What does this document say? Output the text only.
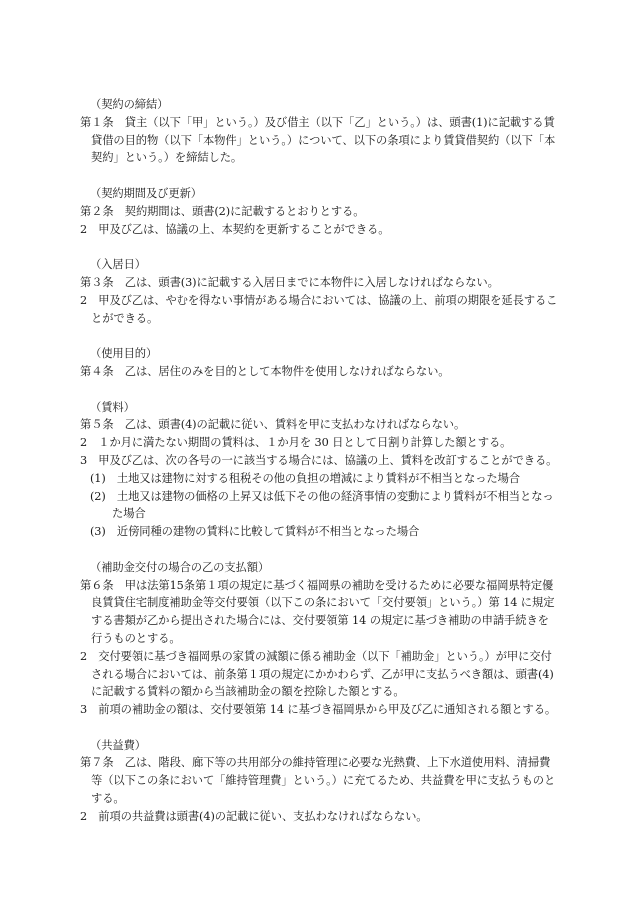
（契約の締結）

第１条　貸主（以下「甲」という。）及び借主（以下「乙」という。）は、頭書(1)に記載する賃貸借の目的物（以下「本物件」という。）について、以下の条項により賃貸借契約（以下「本契約」という。）を締結した。

（契約期間及び更新）

第２条　契約期間は、頭書(2)に記載するとおりとする。

2　甲及び乙は、協議の上、本契約を更新することができる。

（入居日）

第３条　乙は、頭書(3)に記載する入居日までに本物件に入居しなければならない。

2　甲及び乙は、やむを得ない事情がある場合においては、協議の上、前項の期限を延長することができる。

（使用目的）

第４条　乙は、居住のみを目的として本物件を使用しなければならない。

（賃料）

第５条　乙は、頭書(4)の記載に従い、賃料を甲に支払わなければならない。

2　１か月に満たない期間の賃料は、１か月を 30 日として日割り計算した額とする。

3　甲及び乙は、次の各号の一に該当する場合には、協議の上、賃料を改訂することができる。

(1)　土地又は建物に対する租税その他の負担の増減により賃料が不相当となった場合

(2)　土地又は建物の価格の上昇又は低下その他の経済事情の変動により賃料が不相当となった場合

(3)　近傍同種の建物の賃料に比較して賃料が不相当となった場合

（補助金交付の場合の乙の支払額）

第６条　甲は法第15条第１項の規定に基づく福岡県の補助を受けるために必要な福岡県特定優良賃貸住宅制度補助金等交付要領（以下この条において「交付要領」という。）第 14 に規定する書類が乙から提出された場合には、交付要領第 14 の規定に基づき補助の申請手続きを行うものとする。

2　交付要領に基づき福岡県の家賃の減額に係る補助金（以下「補助金」という。）が甲に交付される場合においては、前条第１項の規定にかかわらず、乙が甲に支払うべき額は、頭書(4)に記載する賃料の額から当該補助金の額を控除した額とする。

3　前項の補助金の額は、交付要領第 14 に基づき福岡県から甲及び乙に通知される額とする。

（共益費）

第７条　乙は、階段、廊下等の共用部分の維持管理に必要な光熱費、上下水道使用料、清掃費等（以下この条において「維持管理費」という。）に充てるため、共益費を甲に支払うものとする。

2　前項の共益費は頭書(4)の記載に従い、支払わなければならない。
